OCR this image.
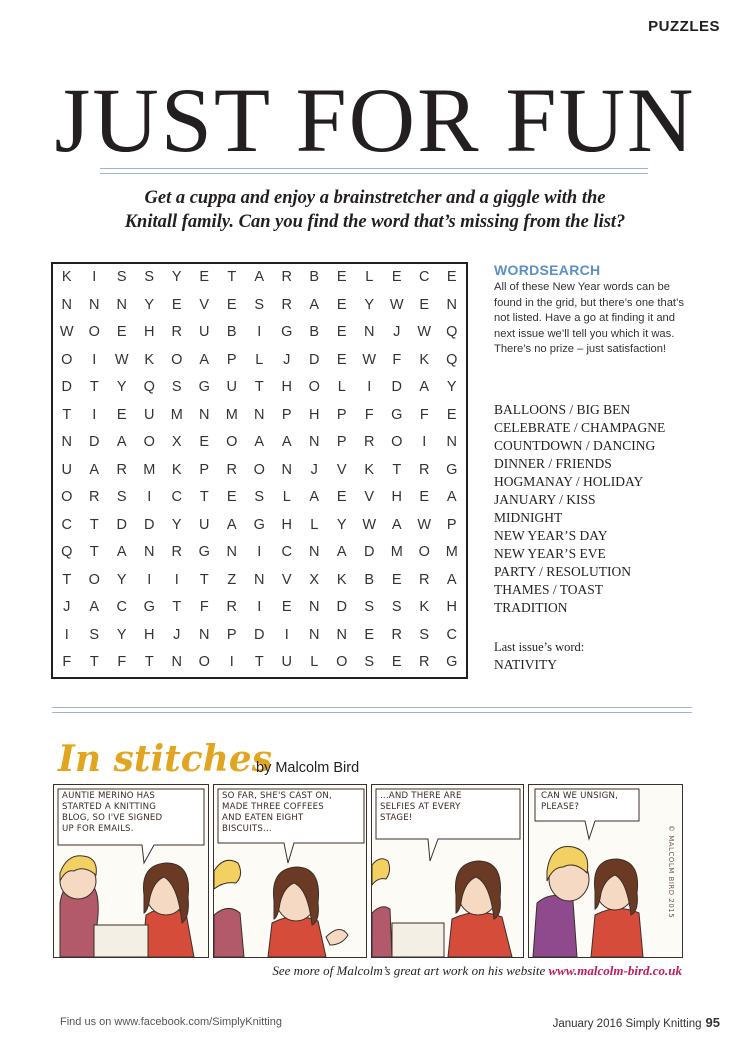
PUZZLES
JUST FOR FUN
Get a cuppa and enjoy a brainstretcher and a giggle with the
Knitall family. Can you find the word that’s missing from the list?
K	I	S	S	Y	E	T	A	R	B	E	L	E	C	E
N	N	N	Y	E	V	E	S	R	A	E	Y	W	E	N
W	O	E	H	R	U	B	I	G	B	E	N	J	W	Q
O	I	W	K	O	A	P	L	J	D	E	W	F	K	Q
D	T	Y	Q	S	G	U	T	H	O	L	I	D	A	Y
T	I	E	U	M	N	M	N	P	H	P	F	G	F	E
N	D	A	O	X	E	O	A	A	N	P	R	O	I	N
U	A	R	M	K	P	R	O	N	J	V	K	T	R	G
O	R	S	I	C	T	E	S	L	A	E	V	H	E	A
C	T	D	D	Y	U	A	G	H	L	Y	W	A	W	P
Q	T	A	N	R	G	N	I	C	N	A	D	M	O	M
T	O	Y	I	I	T	Z	N	V	X	K	B	E	R	A
J	A	C	G	T	F	R	I	E	N	D	S	S	K	H
I	S	Y	H	J	N	P	D	I	N	N	E	R	S	C
F	T	F	T	N	O	I	T	U	L	O	S	E	R	G
WORDSEARCH
All of these New Year words can be found in the grid, but there’s one that’s not listed. Have a go at finding it and next issue we’ll tell you which it was. There’s no prize – just satisfaction!
BALLOONS / BIG BEN
CELEBRATE / CHAMPAGNE
COUNTDOWN / DANCING
DINNER / FRIENDS
HOGMANAY / HOLIDAY
JANUARY / KISS
MIDNIGHT
NEW YEAR’S DAY
NEW YEAR’S EVE
PARTY / RESOLUTION
THAMES / TOAST
TRADITION
Last issue’s word:
NATIVITY
In stitches
by Malcolm Bird
AUNTIE MERINO HAS
STARTED A KNITTING
BLOG, SO I'VE SIGNED
UP FOR EMAILS.
SO FAR, SHE'S CAST ON,
MADE THREE COFFEES
AND EATEN EIGHT
BISCUITS...
...AND THERE ARE
SELFIES AT EVERY
STAGE!
CAN WE UNSIGN,
PLEASE?
© MALCOLM BIRD 2015
See more of Malcolm’s great art work on his website www.malcolm-bird.co.uk
Find us on www.facebook.com/SimplyKnitting	January 2016 Simply Knitting 95
